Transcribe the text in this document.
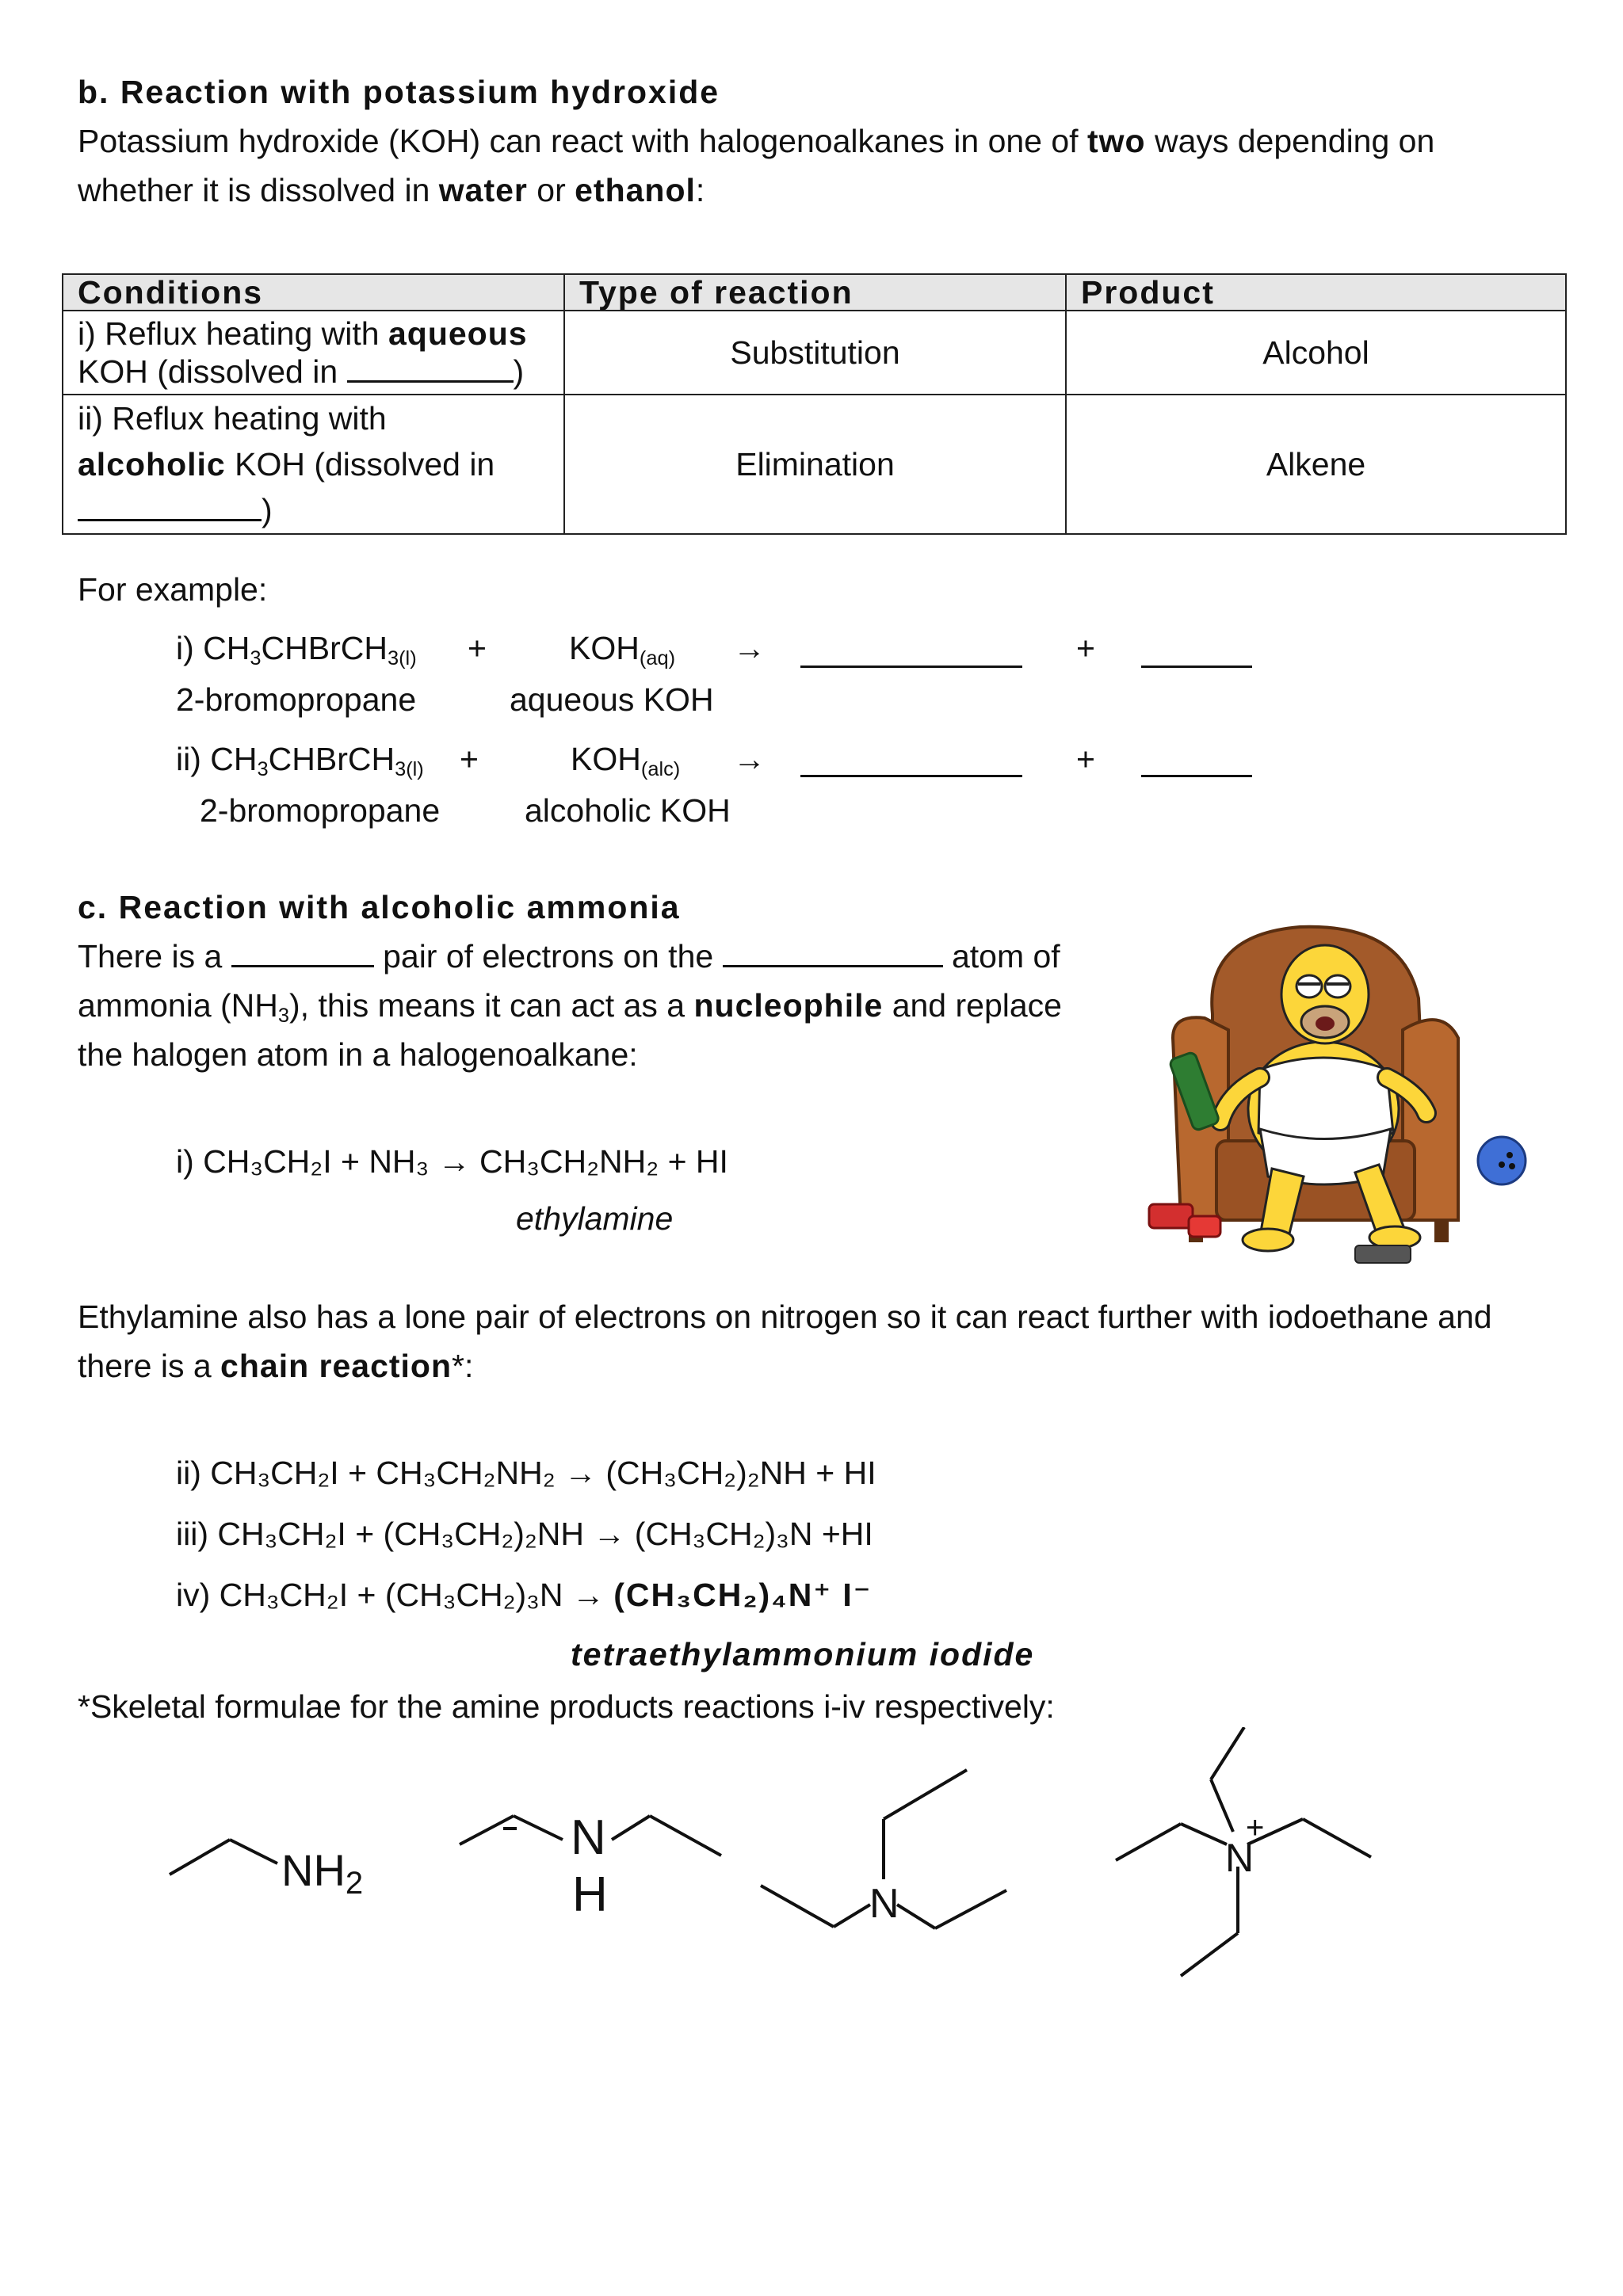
b. Reaction with potassium hydroxide
Potassium hydroxide (KOH) can react with halogenoalkanes in one of two ways depending on
whether it is dissolved in water or ethanol:
Conditions	Type of reaction	Product

i) Reflux heating with aqueous
KOH (dissolved in )	Substitution	Alcohol

ii) Reflux heating with
alcoholic KOH (dissolved in
)	Elimination	Alkene
For example:
i) $CH_3CHBrCH_{3(l)}$ +	$KOH_{(aq)}$ →	+
2-bromopropane	aqueous KOH
ii) $CH_3CHBrCH_{3(l)}$ +	$KOH_{(alc)}$ →	+
2-bromopropane	alcoholic KOH
c. Reaction with alcoholic ammonia
There is a	pair of electrons on the	atom of
ammonia $(NH_3)$, this means it can act as a nucleophile and replace
the halogen atom in a halogenoalkane:
i) CH₃CH₂I + NH₃ → CH₃CH₂NH₂ + HI
ethylamine
Ethylamine also has a lone pair of electrons on nitrogen so it can react further with iodoethane and
there is a chain reaction*:
ii) CH₃CH₂I + CH₃CH₂NH₂ → (CH₃CH₂)₂NH + HI
iii) CH₃CH₂I + (CH₃CH₂)₂NH → (CH₃CH₂)₃N +HI
iv) CH₃CH₂I + (CH₃CH₂)₃N → (CH₃CH₂)₄N⁺ I⁻
tetraethylammonium iodide
*Skeletal formulae for the amine products reactions i-iv respectively:
NH2
N
H	N
N
+
